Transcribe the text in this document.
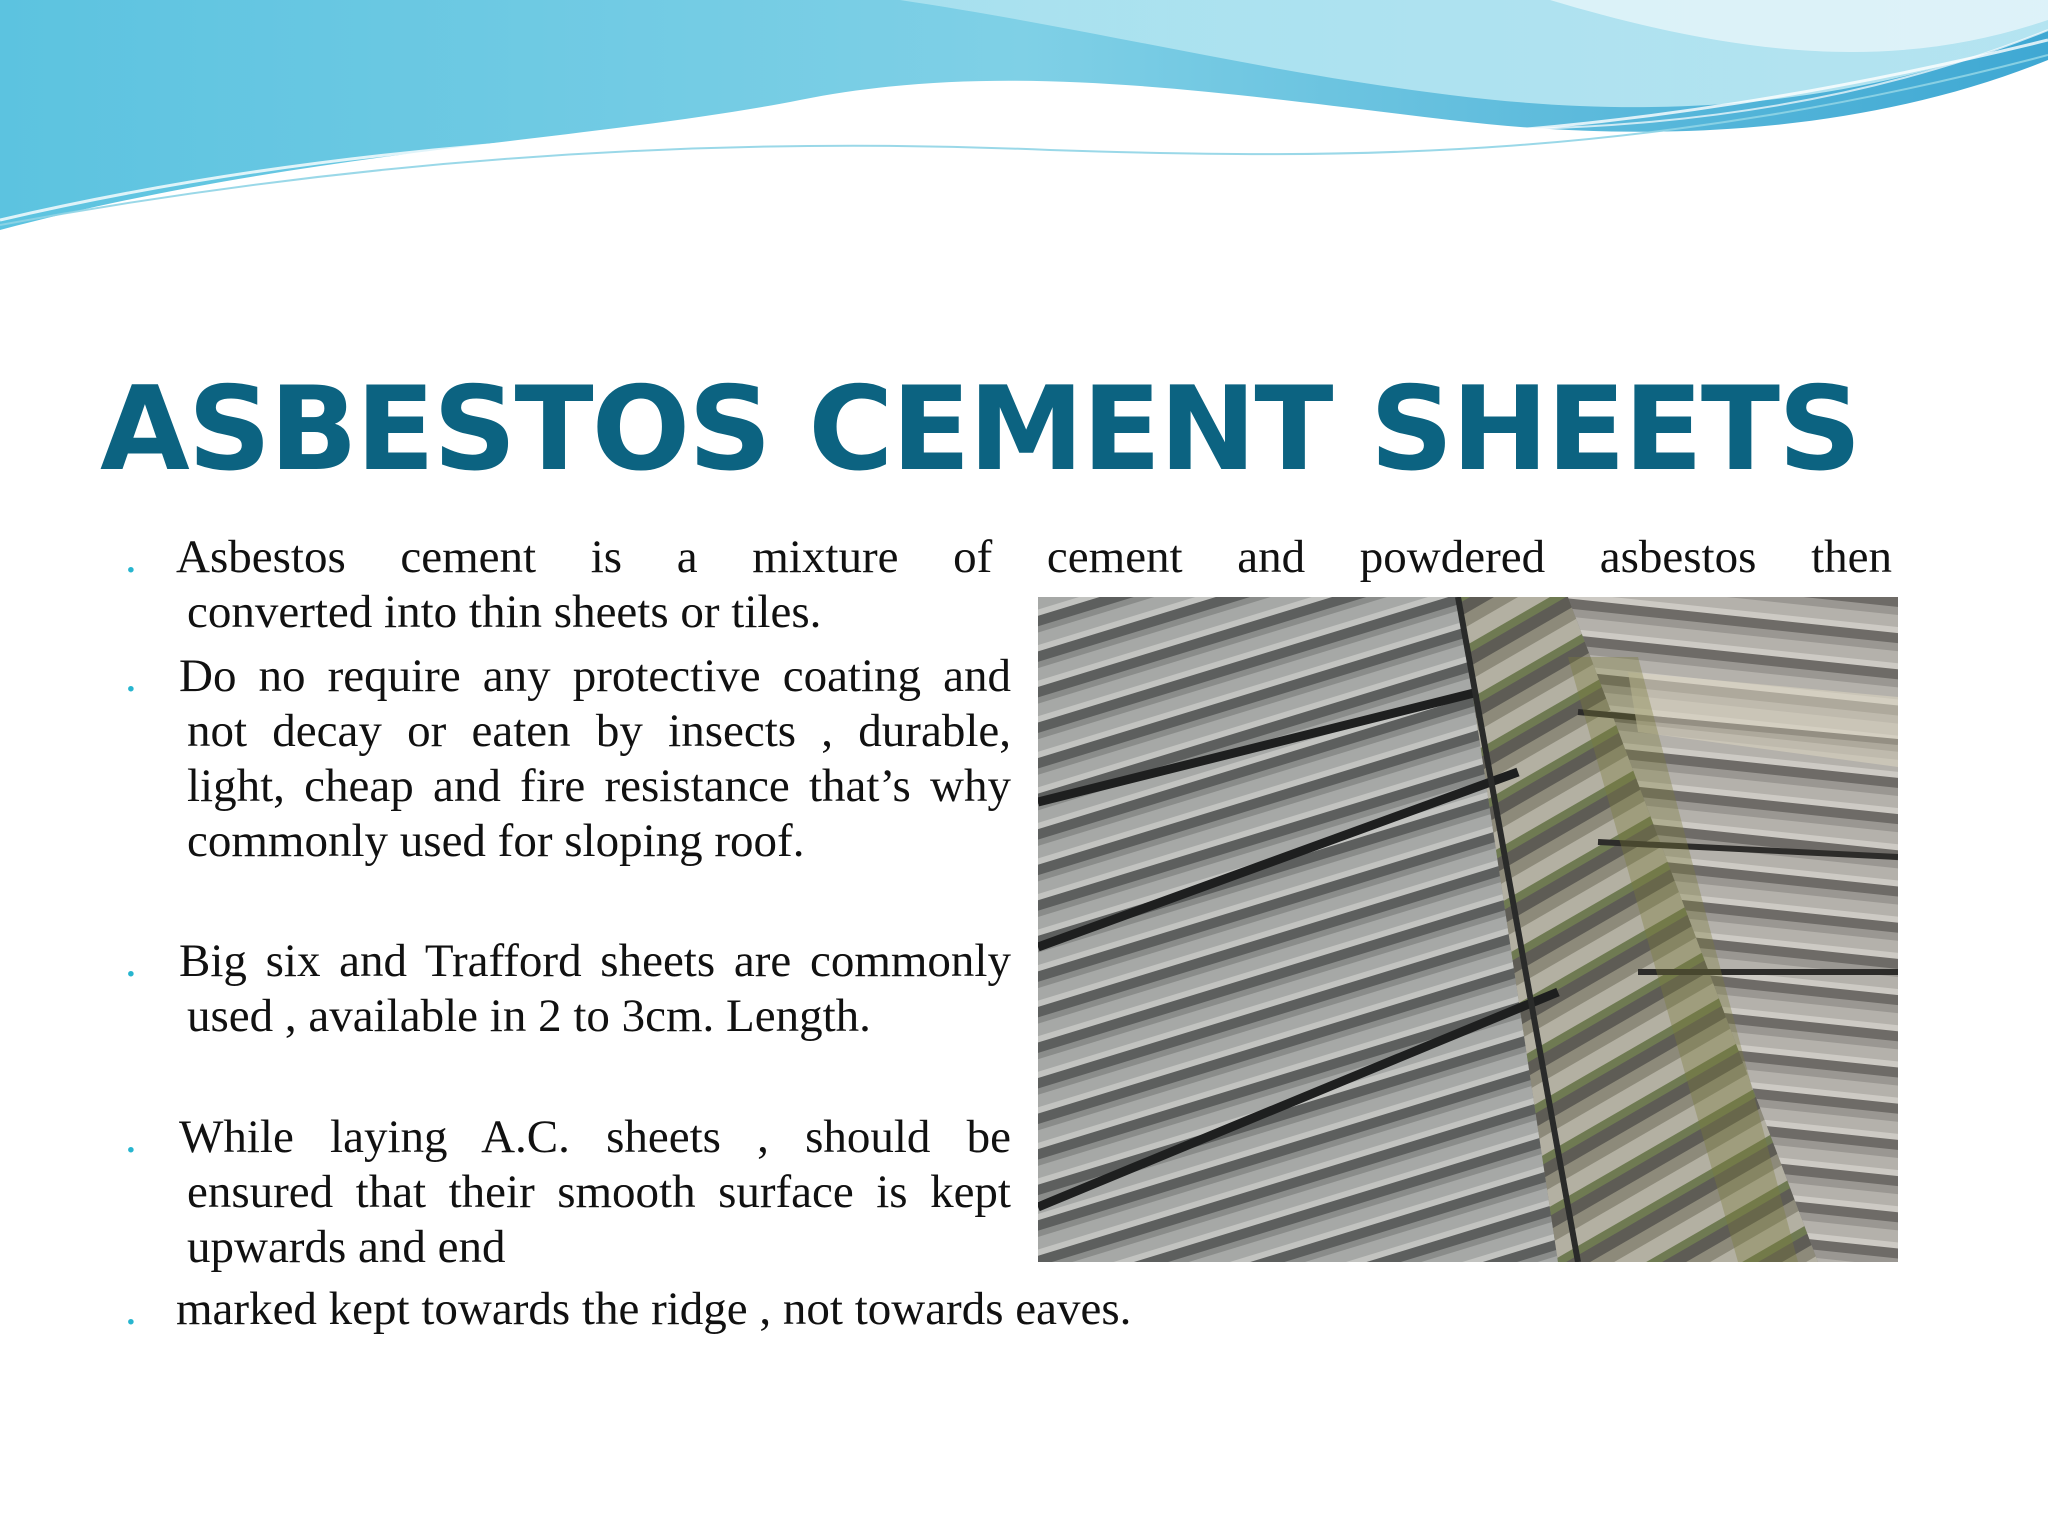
ASBESTOS CEMENT SHEETS
. Asbestos cement is a mixture of cement and powdered asbestos then
converted into thin sheets or tiles.
. Do no require any protective coating and not decay or eaten by insects , durable, light, cheap and fire resistance that’s why commonly used for sloping roof.
. Big six and Trafford sheets are commonly used , available in 2 to 3cm. Length.
. While laying A.C. sheets , should be ensured that their smooth surface is kept upwards and end
. marked kept towards the ridge , not towards eaves.
